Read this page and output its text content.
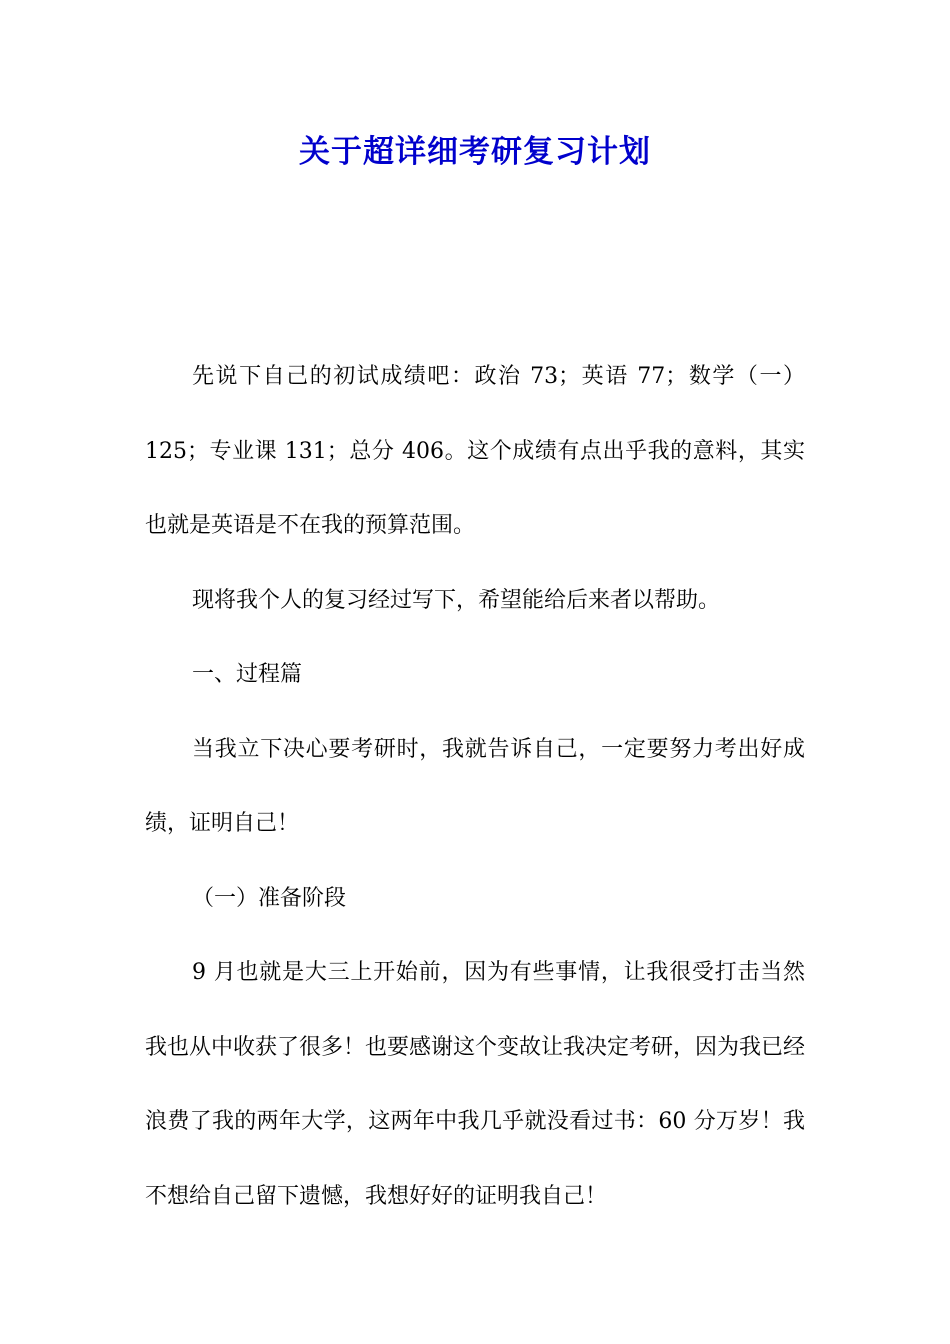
关于超详细考研复习计划

先说下自己的初试成绩吧：政治 73；英语 77；数学（一）125；专业课 131；总分 406。这个成绩有点出乎我的意料，其实也就是英语是不在我的预算范围。

现将我个人的复习经过写下，希望能给后来者以帮助。

一、过程篇

当我立下决心要考研时，我就告诉自己，一定要努力考出好成绩，证明自己！

（一）准备阶段

9 月也就是大三上开始前，因为有些事情，让我很受打击当然我也从中收获了很多！也要感谢这个变故让我决定考研，因为我已经浪费了我的两年大学，这两年中我几乎就没看过书：60 分万岁！我不想给自己留下遗憾，我想好好的证明我自己！
